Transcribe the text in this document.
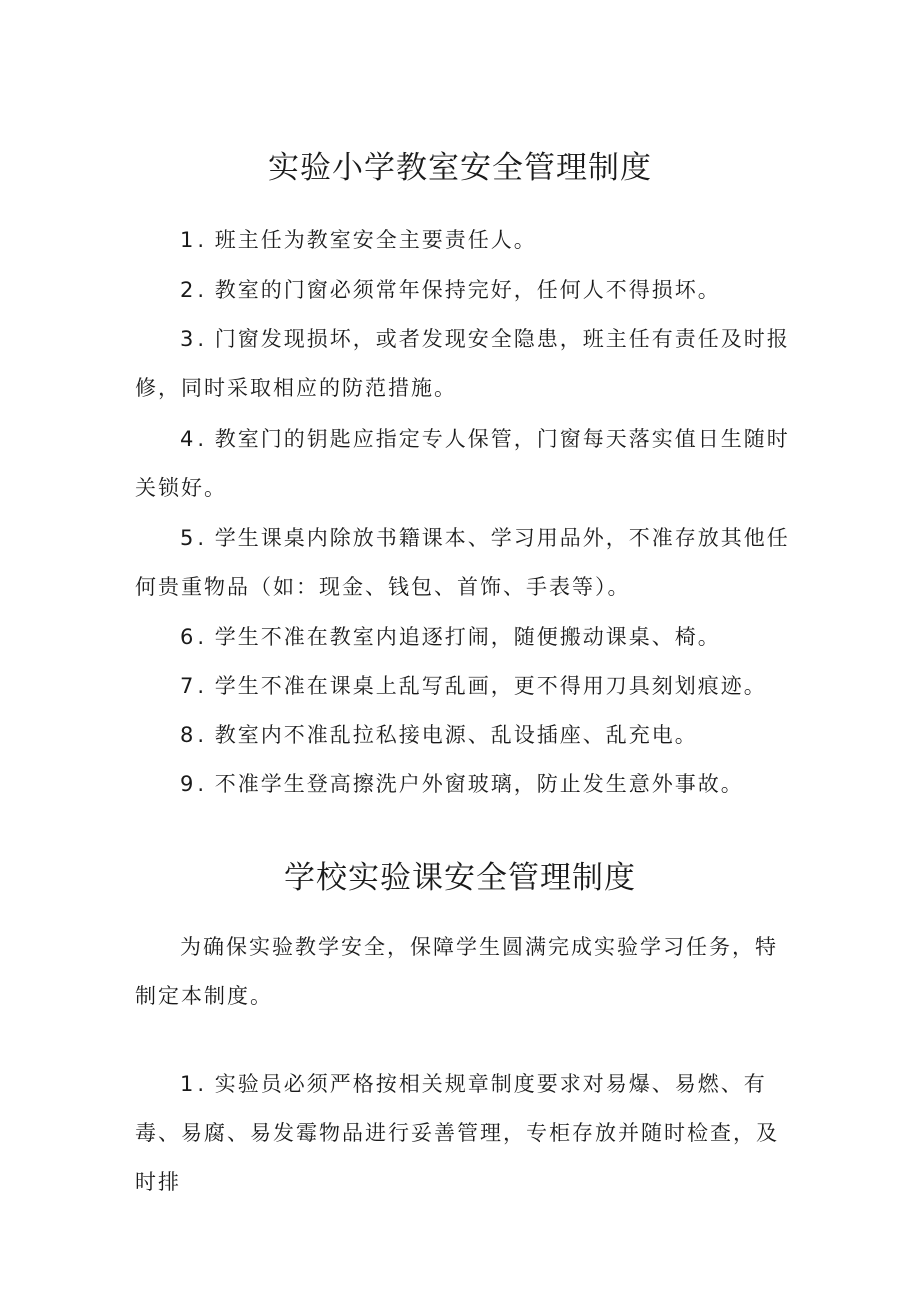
实验小学教室安全管理制度

1 . 班主任为教室安全主要责任人。

2 . 教室的门窗必须常年保持完好，任何人不得损坏。

3 . 门窗发现损坏，或者发现安全隐患，班主任有责任及时报修，同时采取相应的防范措施。

4 . 教室门的钥匙应指定专人保管，门窗每天落实值日生随时关锁好。

5 . 学生课桌内除放书籍课本、学习用品外，不准存放其他任何贵重物品（如：现金、钱包、首饰、手表等）。

6 . 学生不准在教室内追逐打闹，随便搬动课桌、椅。

7 . 学生不准在课桌上乱写乱画，更不得用刀具刻划痕迹。

8 . 教室内不准乱拉私接电源、乱设插座、乱充电。

9 . 不准学生登高擦洗户外窗玻璃，防止发生意外事故。

学校实验课安全管理制度

为确保实验教学安全，保障学生圆满完成实验学习任务，特制定本制度。

1 . 实验员必须严格按相关规章制度要求对易爆、易燃、有毒、易腐、易发霉物品进行妥善管理，专柜存放并随时检查，及时排
